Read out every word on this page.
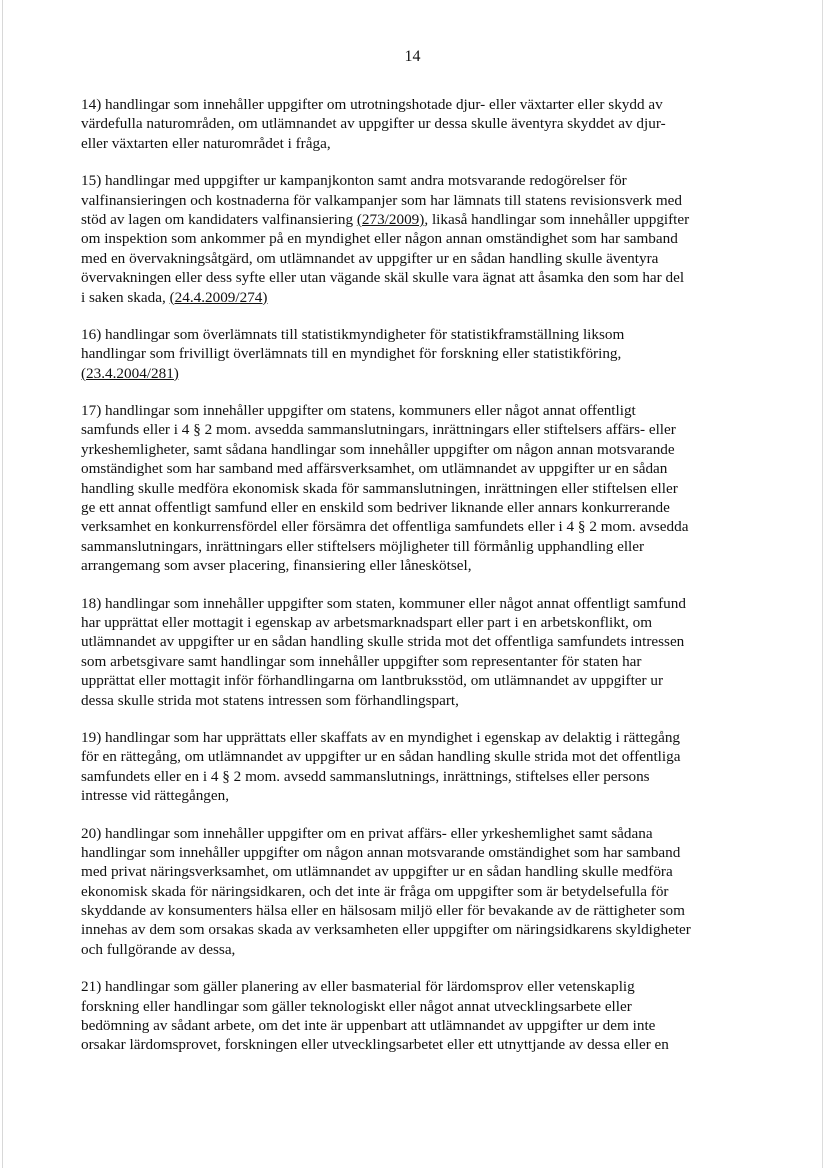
14

14) handlingar som innehåller uppgifter om utrotningshotade djur- eller växtarter eller skydd av
värdefulla naturområden, om utlämnandet av uppgifter ur dessa skulle äventyra skyddet av djur-
eller växtarten eller naturområdet i fråga,

15) handlingar med uppgifter ur kampanjkonton samt andra motsvarande redogörelser för
valfinansieringen och kostnaderna för valkampanjer som har lämnats till statens revisionsverk med
stöd av lagen om kandidaters valfinansiering (273/2009), likaså handlingar som innehåller uppgifter
om inspektion som ankommer på en myndighet eller någon annan omständighet som har samband
med en övervakningsåtgärd, om utlämnandet av uppgifter ur en sådan handling skulle äventyra
övervakningen eller dess syfte eller utan vägande skäl skulle vara ägnat att åsamka den som har del
i saken skada, (24.4.2009/274)

16) handlingar som överlämnats till statistikmyndigheter för statistikframställning liksom
handlingar som frivilligt överlämnats till en myndighet för forskning eller statistikföring,
(23.4.2004/281)

17) handlingar som innehåller uppgifter om statens, kommuners eller något annat offentligt
samfunds eller i 4 § 2 mom. avsedda sammanslutningars, inrättningars eller stiftelsers affärs- eller
yrkeshemligheter, samt sådana handlingar som innehåller uppgifter om någon annan motsvarande
omständighet som har samband med affärsverksamhet, om utlämnandet av uppgifter ur en sådan
handling skulle medföra ekonomisk skada för sammanslutningen, inrättningen eller stiftelsen eller
ge ett annat offentligt samfund eller en enskild som bedriver liknande eller annars konkurrerande
verksamhet en konkurrensfördel eller försämra det offentliga samfundets eller i 4 § 2 mom. avsedda
sammanslutningars, inrättningars eller stiftelsers möjligheter till förmånlig upphandling eller
arrangemang som avser placering, finansiering eller låneskötsel,

18) handlingar som innehåller uppgifter som staten, kommuner eller något annat offentligt samfund
har upprättat eller mottagit i egenskap av arbetsmarknadspart eller part i en arbetskonflikt, om
utlämnandet av uppgifter ur en sådan handling skulle strida mot det offentliga samfundets intressen
som arbetsgivare samt handlingar som innehåller uppgifter som representanter för staten har
upprättat eller mottagit inför förhandlingarna om lantbruksstöd, om utlämnandet av uppgifter ur
dessa skulle strida mot statens intressen som förhandlingspart,

19) handlingar som har upprättats eller skaffats av en myndighet i egenskap av delaktig i rättegång
för en rättegång, om utlämnandet av uppgifter ur en sådan handling skulle strida mot det offentliga
samfundets eller en i 4 § 2 mom. avsedd sammanslutnings, inrättnings, stiftelses eller persons
intresse vid rättegången,

20) handlingar som innehåller uppgifter om en privat affärs- eller yrkeshemlighet samt sådana
handlingar som innehåller uppgifter om någon annan motsvarande omständighet som har samband
med privat näringsverksamhet, om utlämnandet av uppgifter ur en sådan handling skulle medföra
ekonomisk skada för näringsidkaren, och det inte är fråga om uppgifter som är betydelsefulla för
skyddande av konsumenters hälsa eller en hälsosam miljö eller för bevakande av de rättigheter som
innehas av dem som orsakas skada av verksamheten eller uppgifter om näringsidkarens skyldigheter
och fullgörande av dessa,

21) handlingar som gäller planering av eller basmaterial för lärdomsprov eller vetenskaplig
forskning eller handlingar som gäller teknologiskt eller något annat utvecklingsarbete eller
bedömning av sådant arbete, om det inte är uppenbart att utlämnandet av uppgifter ur dem inte
orsakar lärdomsprovet, forskningen eller utvecklingsarbetet eller ett utnyttjande av dessa eller en
